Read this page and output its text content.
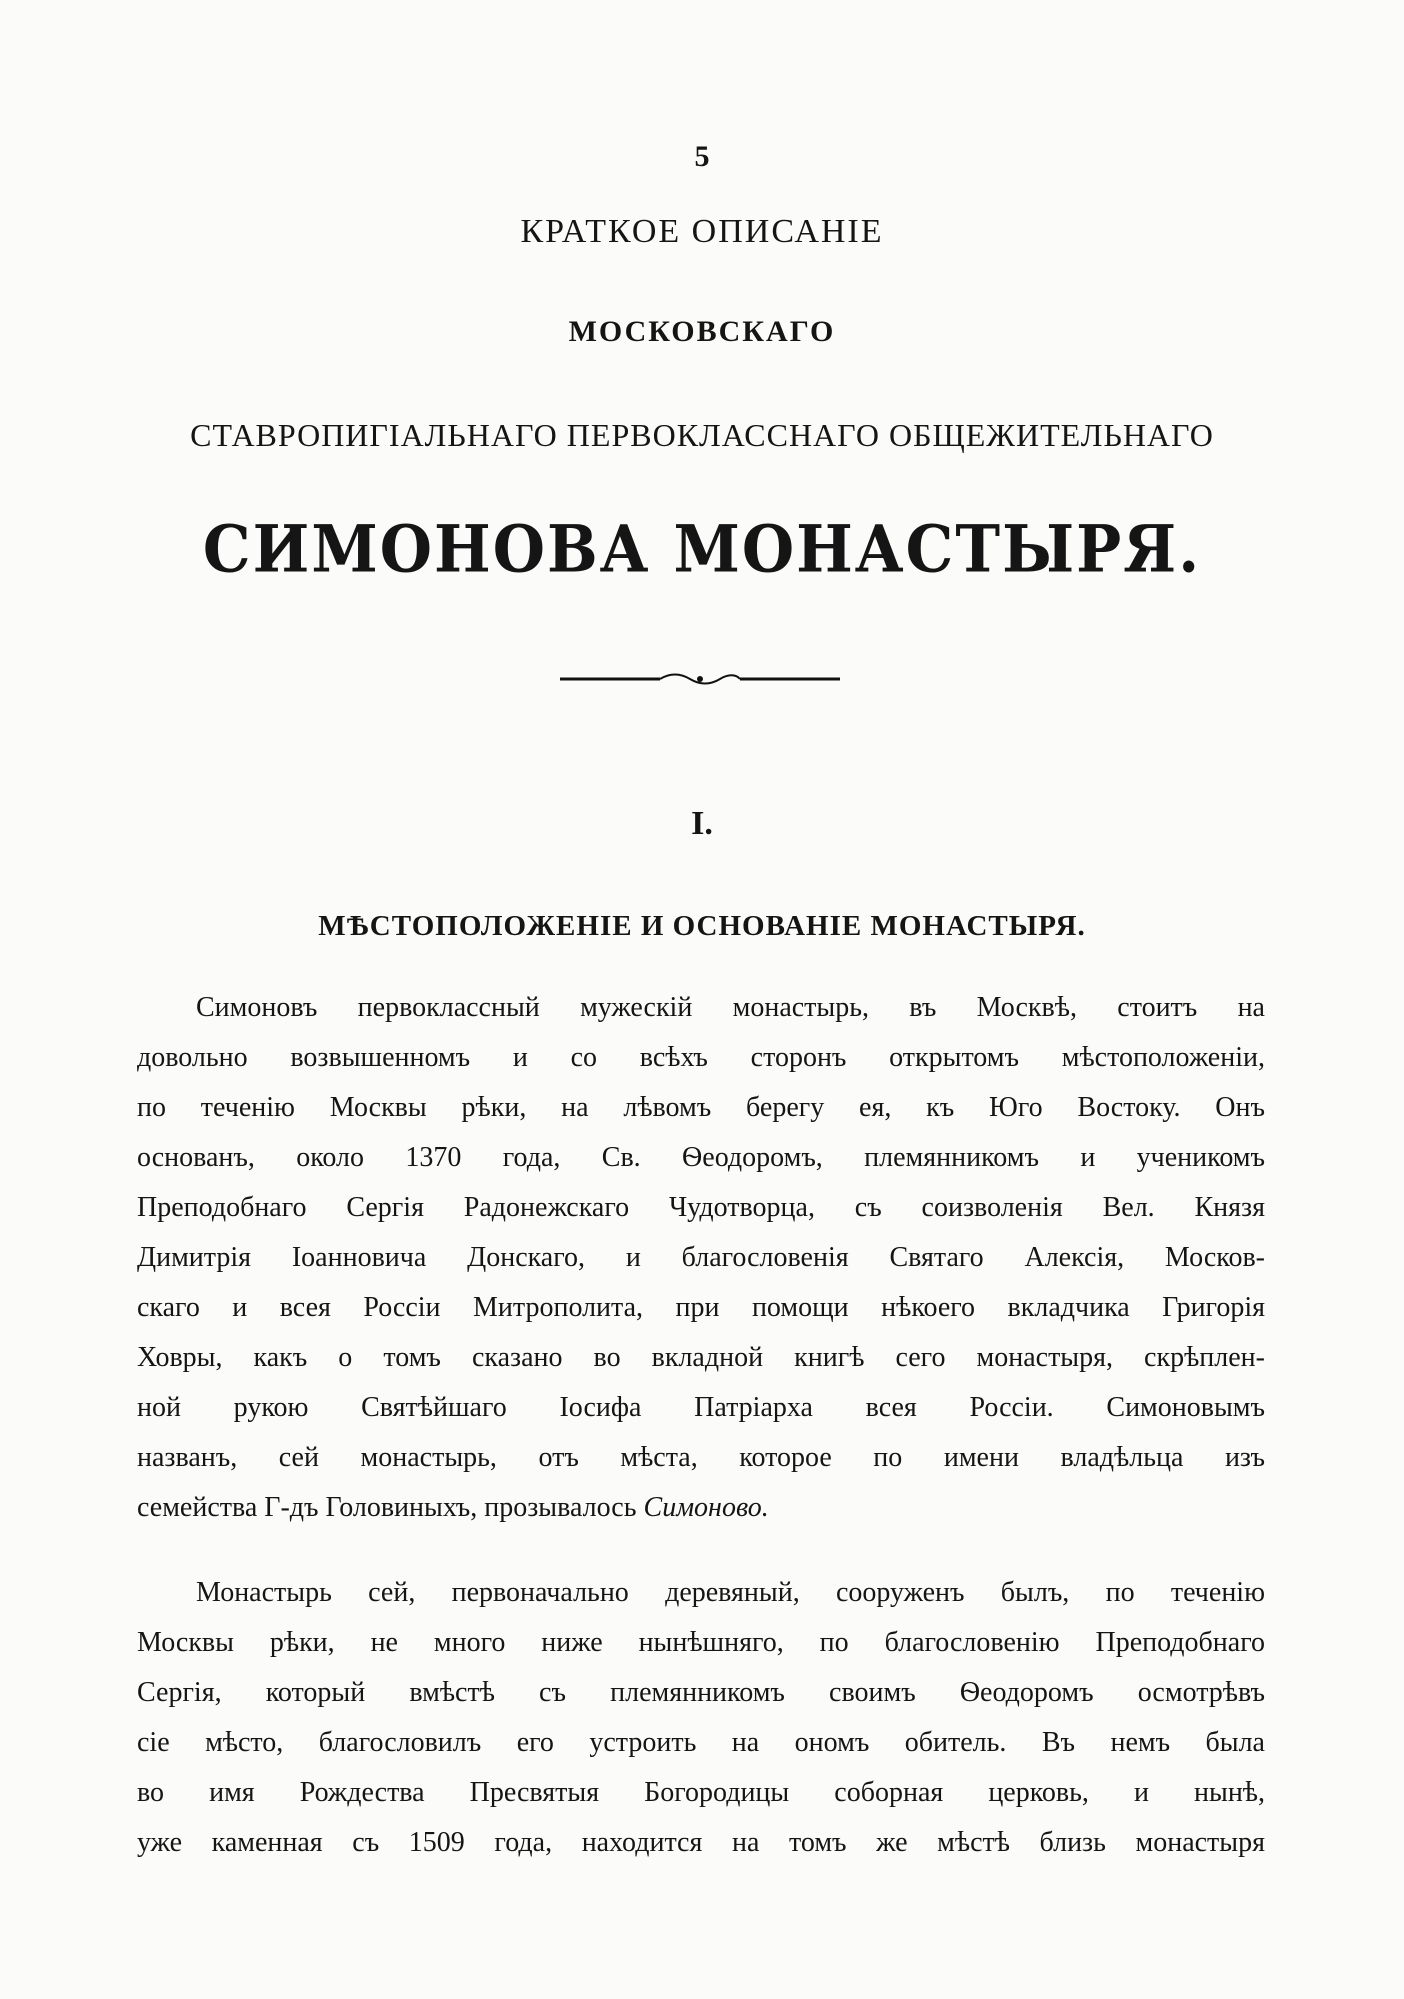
5
КРАТКОЕ ОПИСАНІЕ
МОСКОВСКАГО
СТАВРОПИГІАЛЬНАГО ПЕРВОКЛАССНАГО ОБЩЕЖИТЕЛЬНАГО
СИМОНОВА МОНАСТЫРЯ.
I.
МѢСТОПОЛОЖЕНІЕ И ОСНОВАНІЕ МОНАСТЫРЯ.
Симоновъ первоклассный мужескій монастырь, въ Москвѣ, стоитъ на
довольно возвышенномъ и со всѣхъ сторонъ открытомъ мѣстоположеніи,
по теченію Москвы рѣки, на лѣвомъ берегу ея, къ Юго Востоку. Онъ
основанъ, около 1370 года, Св. Ѳеодоромъ, племянникомъ и ученикомъ
Преподобнаго Сергія Радонежскаго Чудотворца, съ соизволенія Вел. Князя
Димитрія Іоанновича Донскаго, и благословенія Святаго Алексія, Москов-
скаго и всея Россіи Митрополита, при помощи нѣкоего вкладчика Григорія
Ховры, какъ о томъ сказано во вкладной книгѣ сего монастыря, скрѣплен-
ной рукою Святѣйшаго Іосифа Патріарха всея Россіи. Симоновымъ
названъ, сей монастырь, отъ мѣста, которое по имени владѣльца изъ
семейства Г-дъ Головиныхъ, прозывалось Симоново.
Монастырь сей, первоначально деревяный, сооруженъ былъ, по теченію
Москвы рѣки, не много ниже нынѣшняго, по благословенію Преподобнаго
Сергія, который вмѣстѣ съ племянникомъ своимъ Ѳеодоромъ осмотрѣвъ
сіе мѣсто, благословилъ его устроить на ономъ обитель. Въ немъ была
во имя Рождества Пресвятыя Богородицы соборная церковь, и нынѣ,
уже каменная съ 1509 года, находится на томъ же мѣстѣ близь монастыря
